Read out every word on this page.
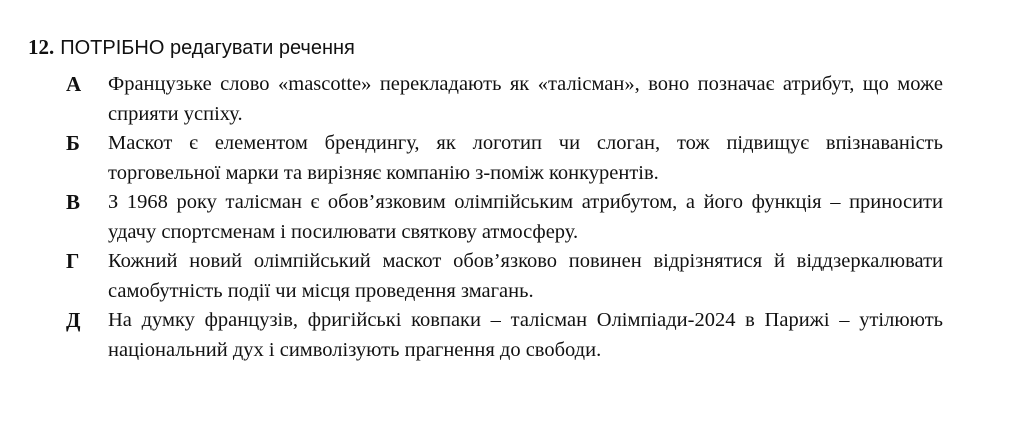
12. ПОТРІБНО редагувати речення
А	Французьке слово «mascotte» перекладають як «талісман», воно позначає атрибут, що може сприяти успіху.
Б	Маскот є елементом брендингу, як логотип чи слоган, тож підвищує впізнаваність торговельної марки та вирізняє компанію з-поміж конкурентів.
В	З 1968 року талісман є обов’язковим олімпійським атрибутом, а його функція – приносити удачу спортсменам і посилювати святкову атмосферу.
Г	Кожний новий олімпійський маскот обов’язково повинен відрізнятися й віддзеркалювати самобутність події чи місця проведення змагань.
Д	На думку французів, фригійські ковпаки – талісман Олімпіади-2024 в Парижі – утілюють національний дух і символізують прагнення до свободи.
